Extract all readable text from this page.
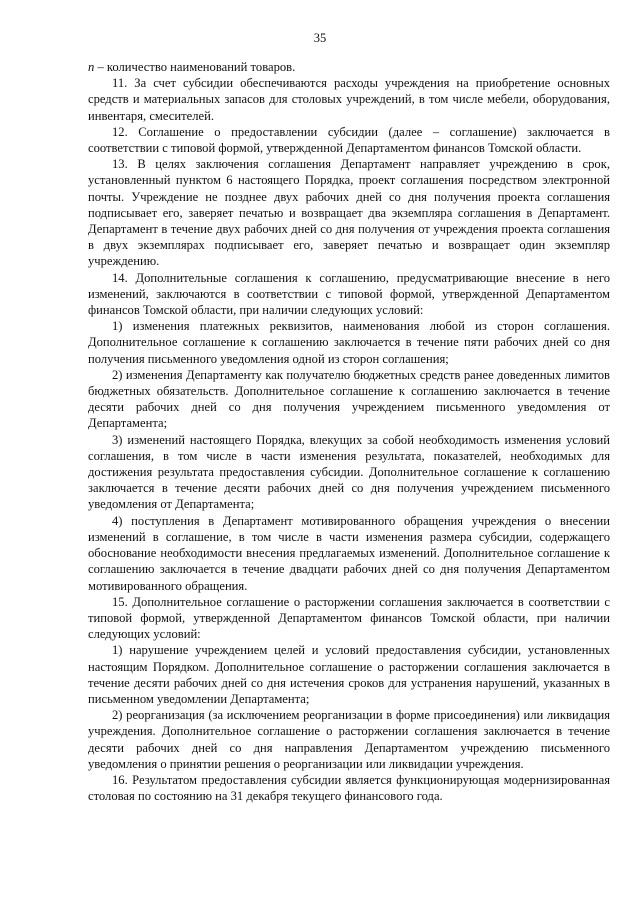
35

n – количество наименований товаров.

11. За счет субсидии обеспечиваются расходы учреждения на приобретение основных средств и материальных запасов для столовых учреждений, в том числе мебели, оборудования, инвентаря, смесителей.

12. Соглашение о предоставлении субсидии (далее – соглашение) заключается в соответствии с типовой формой, утвержденной Департаментом финансов Томской области.

13. В целях заключения соглашения Департамент направляет учреждению в срок, установленный пунктом 6 настоящего Порядка, проект соглашения посредством электронной почты. Учреждение не позднее двух рабочих дней со дня получения проекта соглашения подписывает его, заверяет печатью и возвращает два экземпляра соглашения в Департамент. Департамент в течение двух рабочих дней со дня получения от учреждения проекта соглашения в двух экземплярах подписывает его, заверяет печатью и возвращает один экземпляр учреждению.

14. Дополнительные соглашения к соглашению, предусматривающие внесение в него изменений, заключаются в соответствии с типовой формой, утвержденной Департаментом финансов Томской области, при наличии следующих условий:

1) изменения платежных реквизитов, наименования любой из сторон соглашения. Дополнительное соглашение к соглашению заключается в течение пяти рабочих дней со дня получения письменного уведомления одной из сторон соглашения;

2) изменения Департаменту как получателю бюджетных средств ранее доведенных лимитов бюджетных обязательств. Дополнительное соглашение к соглашению заключается в течение десяти рабочих дней со дня получения учреждением письменного уведомления от Департамента;

3) изменений настоящего Порядка, влекущих за собой необходимость изменения условий соглашения, в том числе в части изменения результата, показателей, необходимых для достижения результата предоставления субсидии. Дополнительное соглашение к соглашению заключается в течение десяти рабочих дней со дня получения учреждением письменного уведомления от Департамента;

4) поступления в Департамент мотивированного обращения учреждения о внесении изменений в соглашение, в том числе в части изменения размера субсидии, содержащего обоснование необходимости внесения предлагаемых изменений. Дополнительное соглашение к соглашению заключается в течение двадцати рабочих дней со дня получения Департаментом мотивированного обращения.

15. Дополнительное соглашение о расторжении соглашения заключается в соответствии с типовой формой, утвержденной Департаментом финансов Томской области, при наличии следующих условий:

1) нарушение учреждением целей и условий предоставления субсидии, установленных настоящим Порядком. Дополнительное соглашение о расторжении соглашения заключается в течение десяти рабочих дней со дня истечения сроков для устранения нарушений, указанных в письменном уведомлении Департамента;

2) реорганизация (за исключением реорганизации в форме присоединения) или ликвидация учреждения. Дополнительное соглашение о расторжении соглашения заключается в течение десяти рабочих дней со дня направления Департаментом учреждению письменного уведомления о принятии решения о реорганизации или ликвидации учреждения.

16. Результатом предоставления субсидии является функционирующая модернизированная столовая по состоянию на 31 декабря текущего финансового года.
